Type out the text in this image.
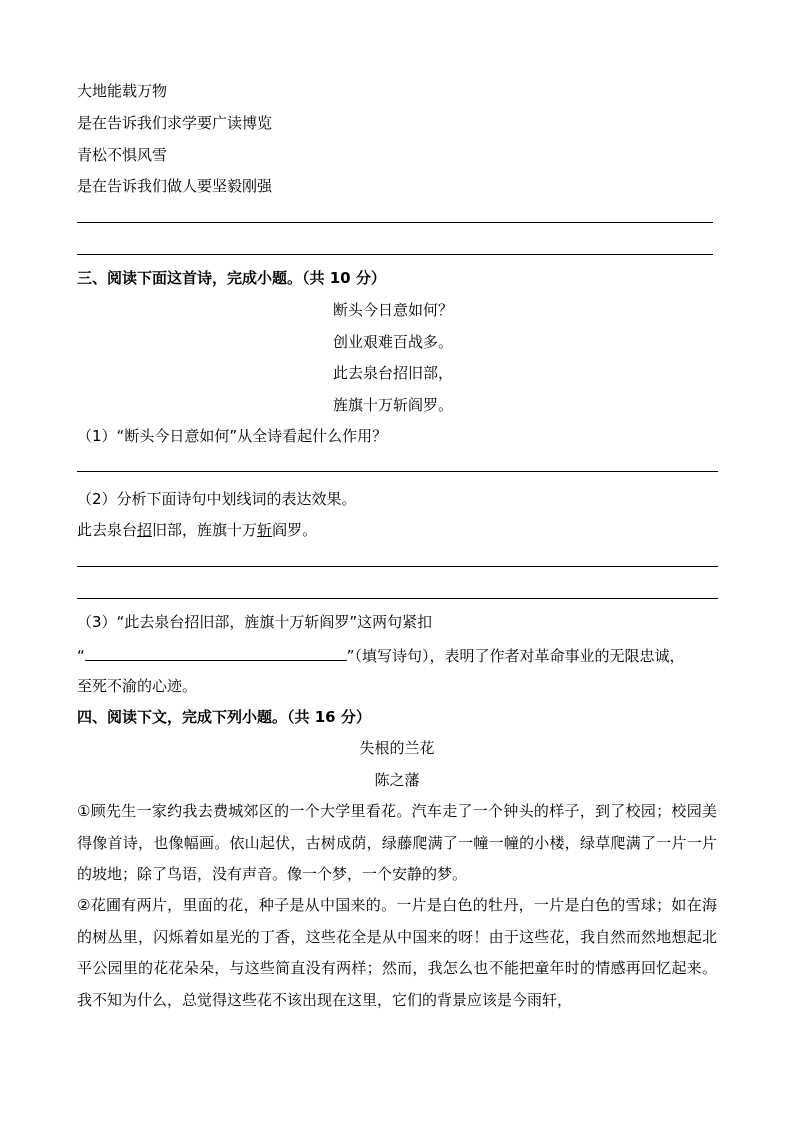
大地能载万物
是在告诉我们求学要广读博览
青松不惧风雪
是在告诉我们做人要坚毅刚强
三、阅读下面这首诗，完成小题。（共 10 分）
断头今日意如何？
创业艰难百战多。
此去泉台招旧部，
旌旗十万斩阎罗。
（1）“断头今日意如何”从全诗看起什么作用？
（2）分析下面诗句中划线词的表达效果。
此去泉台招旧部，旌旗十万斩阎罗。
（3）“此去泉台招旧部，旌旗十万斩阎罗”这两句紧扣
“	”（填写诗句），表明了作者对革命事业的无限忠诚，
至死不渝的心迹。
四、阅读下文，完成下列小题。（共 16 分）
失根的兰花
陈之藩
①顾先生一家约我去费城郊区的一个大学里看花。汽车走了一个钟头的样子，到了校园；校园美得像首诗，也像幅画。依山起伏，古树成荫，绿藤爬满了一幢一幢的小楼，绿草爬满了一片一片的坡地；除了鸟语，没有声音。像一个梦，一个安静的梦。
②花圃有两片，里面的花，种子是从中国来的。一片是白色的牡丹，一片是白色的雪球；如在海的树丛里，闪烁着如星光的丁香，这些花全是从中国来的呀！由于这些花，我自然而然地想起北平公园里的花花朵朵，与这些简直没有两样；然而，我怎么也不能把童年时的情感再回忆起来。我不知为什么，总觉得这些花不该出现在这里，它们的背景应该是今雨轩，
